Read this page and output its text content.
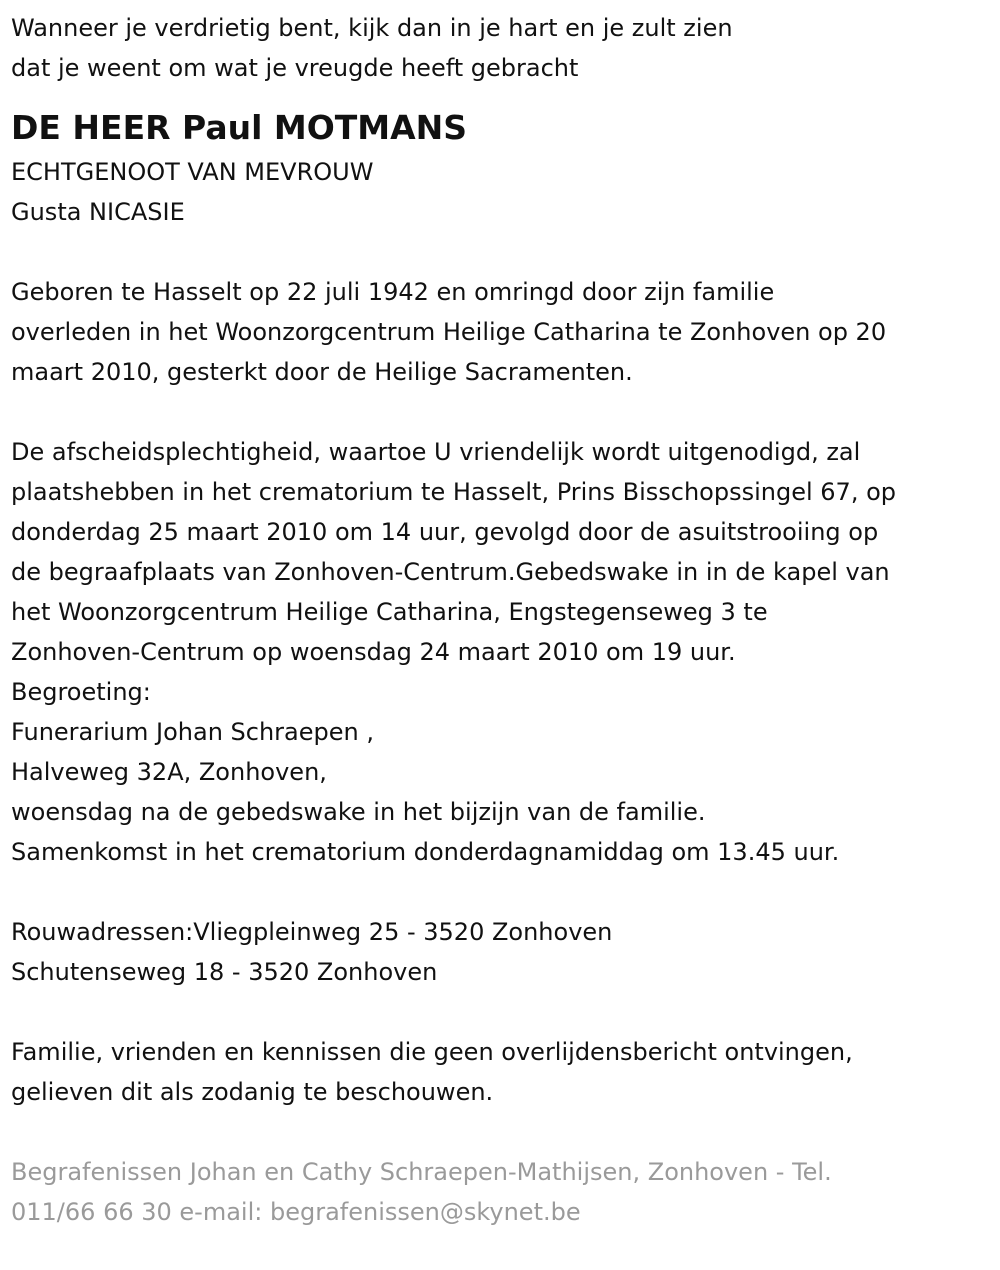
Wanneer je verdrietig bent, kijk dan in je hart en je zult zien
dat je weent om wat je vreugde heeft gebracht
DE HEER Paul MOTMANS
ECHTGENOOT VAN MEVROUW
Gusta NICASIE
Geboren te Hasselt op 22 juli 1942 en omringd door zijn familie
overleden in het Woonzorgcentrum Heilige Catharina te Zonhoven op 20
maart 2010, gesterkt door de Heilige Sacramenten.
De afscheidsplechtigheid, waartoe U vriendelijk wordt uitgenodigd, zal
plaatshebben in het crematorium te Hasselt, Prins Bisschopssingel 67, op
donderdag 25 maart 2010 om 14 uur, gevolgd door de asuitstrooiing op
de begraafplaats van Zonhoven-Centrum.Gebedswake in in de kapel van
het Woonzorgcentrum Heilige Catharina, Engstegenseweg 3 te
Zonhoven-Centrum op woensdag 24 maart 2010 om 19 uur.
Begroeting:
Funerarium Johan Schraepen ,
Halveweg 32A, Zonhoven,
woensdag na de gebedswake in het bijzijn van de familie.
Samenkomst in het crematorium donderdagnamiddag om 13.45 uur.
Rouwadressen:Vliegpleinweg 25 - 3520 Zonhoven
Schutenseweg 18 - 3520 Zonhoven
Familie, vrienden en kennissen die geen overlijdensbericht ontvingen,
gelieven dit als zodanig te beschouwen.
Begrafenissen Johan en Cathy Schraepen-Mathijsen, Zonhoven - Tel.
011/66 66 30 e-mail: begrafenissen@skynet.be
